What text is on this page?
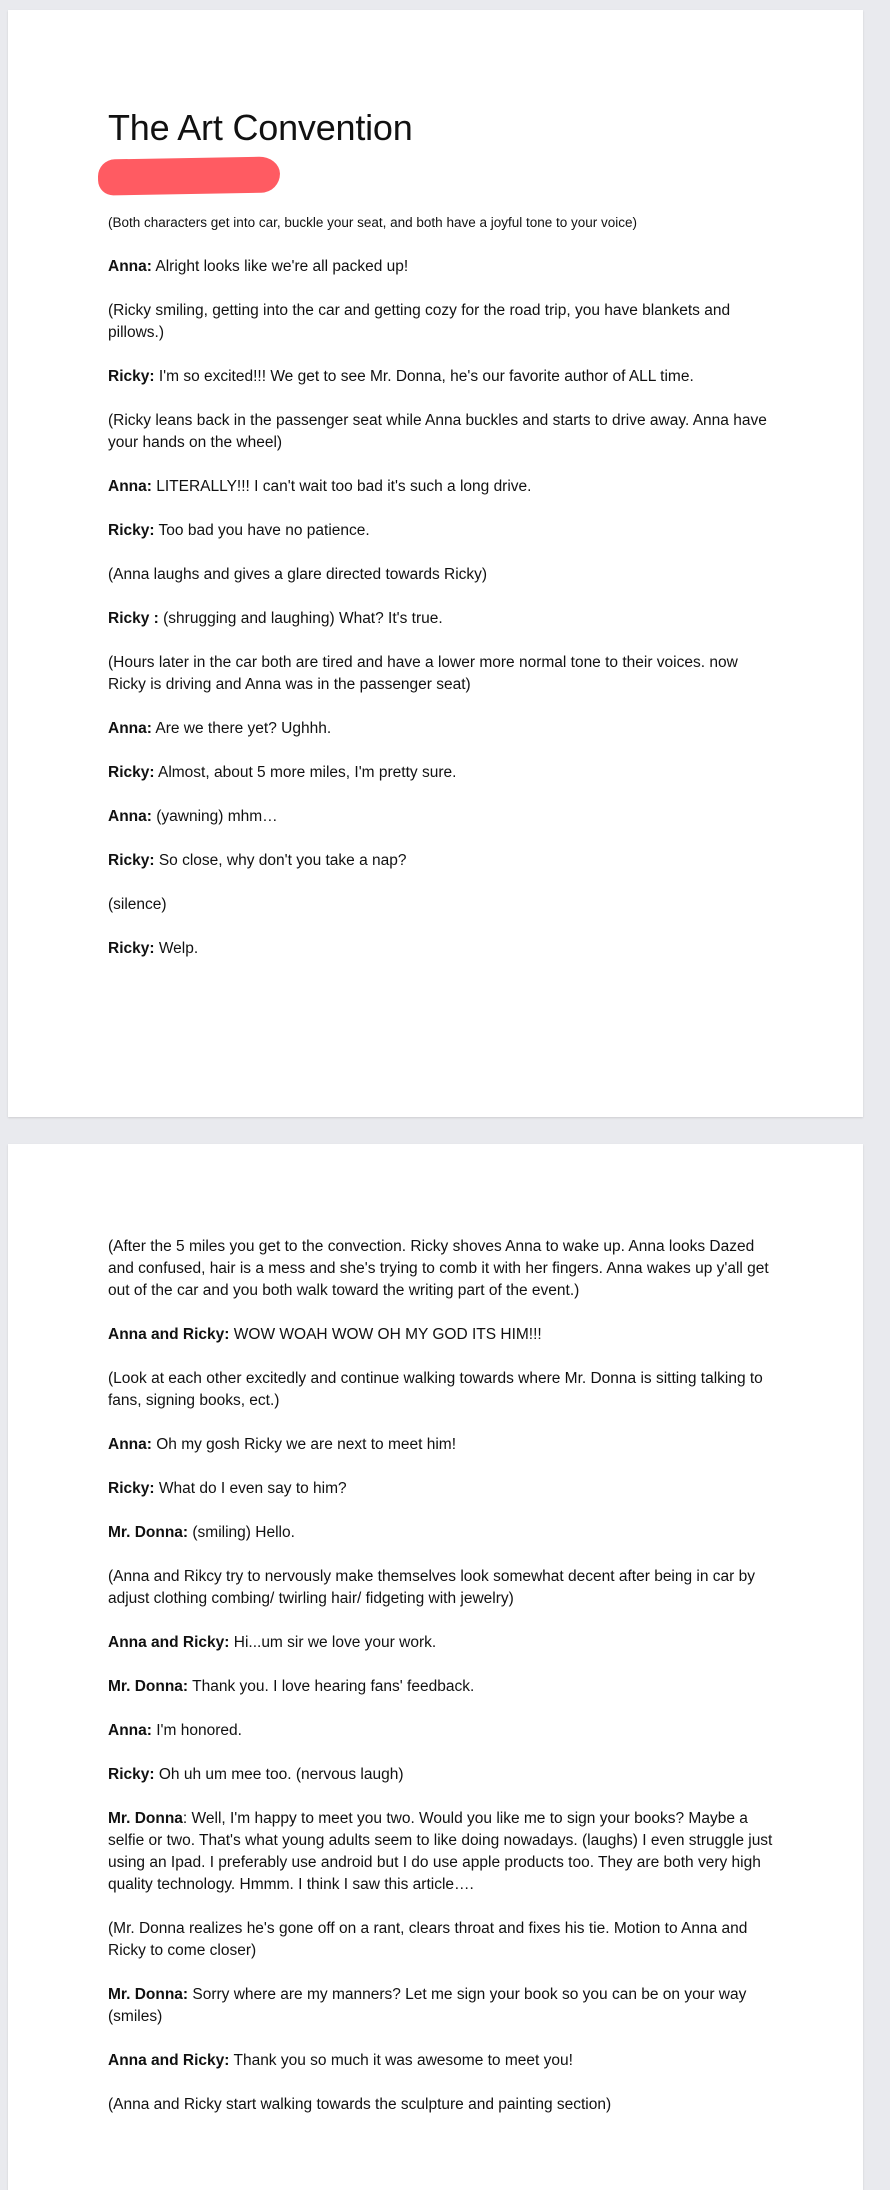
The Art Convention

(Both characters get into car, buckle your seat, and both have a joyful tone to your voice)

Anna: Alright looks like we're all packed up!

(Ricky smiling, getting into the car and getting cozy for the road trip, you have blankets and pillows.)

Ricky: I'm so excited!!! We get to see Mr. Donna, he's our favorite author of ALL time.

(Ricky leans back in the passenger seat while Anna buckles and starts to drive away. Anna have your hands on the wheel)

Anna: LITERALLY!!! I can't wait too bad it's such a long drive.

Ricky: Too bad you have no patience.

(Anna laughs and gives a glare directed towards Ricky)

Ricky : (shrugging and laughing) What? It's true.

(Hours later in the car both are tired and have a lower more normal tone to their voices. now Ricky is driving and Anna was in the passenger seat)

Anna: Are we there yet? Ughhh.

Ricky: Almost, about 5 more miles, I'm pretty sure.

Anna: (yawning) mhm…

Ricky: So close, why don't you take a nap?

(silence)

Ricky: Welp.

(After the 5 miles you get to the convection. Ricky shoves Anna to wake up. Anna looks Dazed and confused, hair is a mess and she's trying to comb it with her fingers. Anna wakes up y'all get out of the car and you both walk toward the writing part of the event.)

Anna and Ricky: WOW WOAH WOW OH MY GOD ITS HIM!!!

(Look at each other excitedly and continue walking towards where Mr. Donna is sitting talking to fans, signing books, ect.)

Anna: Oh my gosh Ricky we are next to meet him!

Ricky: What do I even say to him?

Mr. Donna: (smiling) Hello.

(Anna and Rikcy try to nervously make themselves look somewhat decent after being in car by adjust clothing combing/ twirling hair/ fidgeting with jewelry)

Anna and Ricky: Hi...um sir we love your work.

Mr. Donna: Thank you. I love hearing fans' feedback.

Anna: I'm honored.

Ricky: Oh uh um mee too. (nervous laugh)

Mr. Donna: Well, I'm happy to meet you two. Would you like me to sign your books? Maybe a selfie or two. That's what young adults seem to like doing nowadays. (laughs) I even struggle just using an Ipad. I preferably use android but I do use apple products too. They are both very high quality technology. Hmmm. I think I saw this article….

(Mr. Donna realizes he's gone off on a rant, clears throat and fixes his tie. Motion to Anna and Ricky to come closer)

Mr. Donna: Sorry where are my manners? Let me sign your book so you can be on your way (smiles)

Anna and Ricky: Thank you so much it was awesome to meet you!

(Anna and Ricky start walking towards the sculpture and painting section)
